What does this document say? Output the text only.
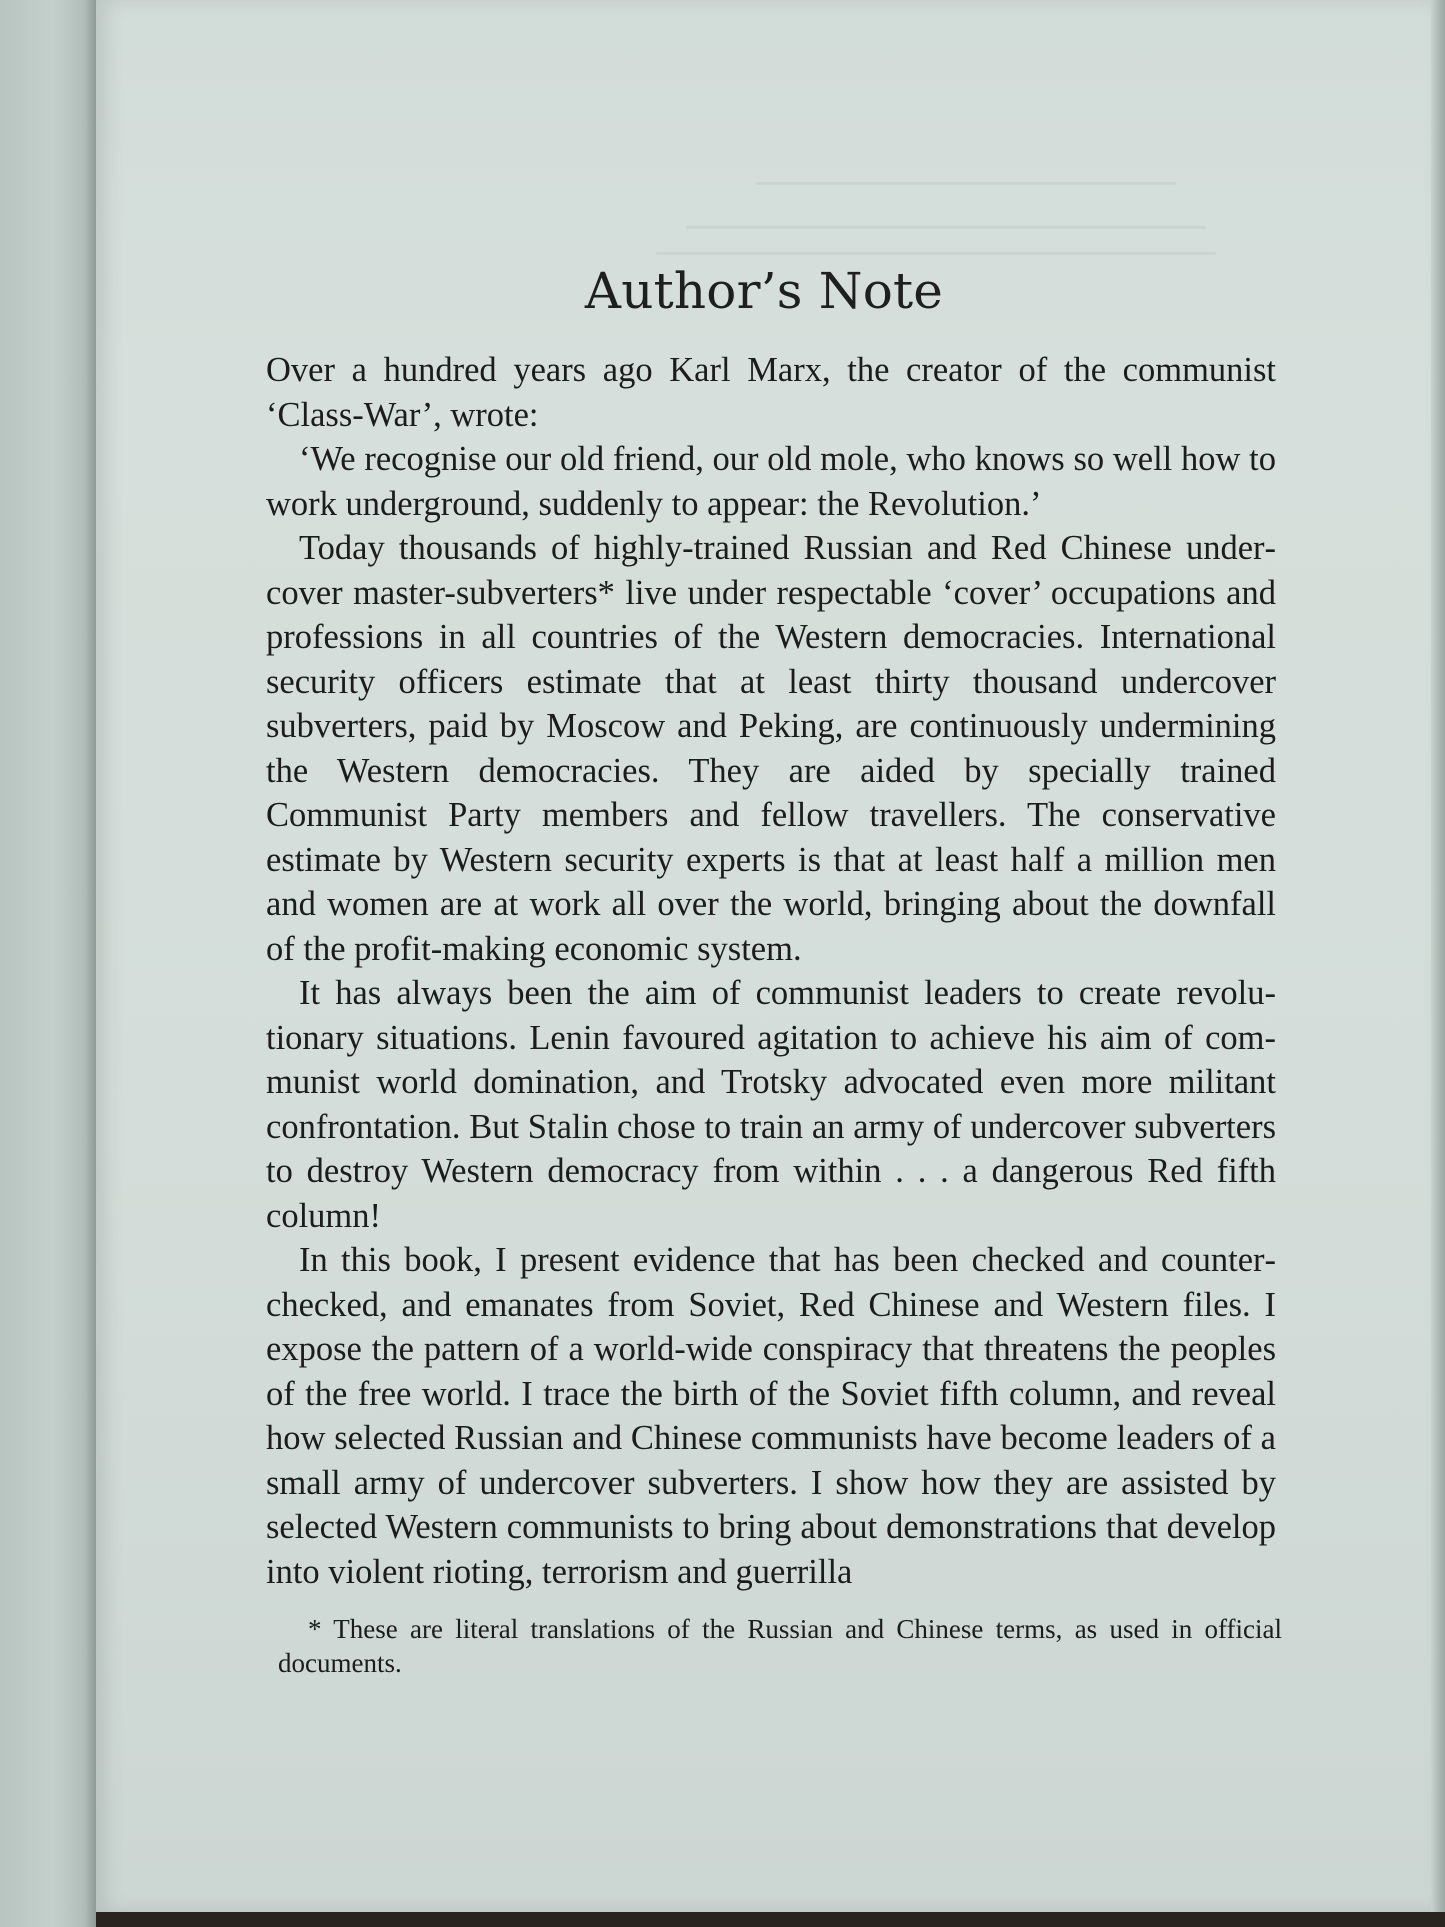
Author’s Note

Over a hundred years ago Karl Marx, the creator of the communist ‘Class-War’, wrote:

‘We recognise our old friend, our old mole, who knows so well how to work underground, suddenly to appear: the Revolution.’

Today thousands of highly-trained Russian and Red Chinese undercover master-subverters* live under respectable ‘cover’ occupations and professions in all countries of the Western democracies. International security officers estimate that at least thirty thousand undercover subverters, paid by Moscow and Peking, are continuously undermining the Western democracies. They are aided by specially trained Communist Party members and fellow travellers. The conservative estimate by Western security experts is that at least half a million men and women are at work all over the world, bringing about the downfall of the profit-making economic system.

It has always been the aim of communist leaders to create revolutionary situations. Lenin favoured agitation to achieve his aim of communist world domination, and Trotsky advocated even more militant confrontation. But Stalin chose to train an army of undercover subverters to destroy Western democracy from within . . . a dangerous Red fifth column!

In this book, I present evidence that has been checked and counterchecked, and emanates from Soviet, Red Chinese and Western files. I expose the pattern of a world-wide conspiracy that threatens the peoples of the free world. I trace the birth of the Soviet fifth column, and reveal how selected Russian and Chinese communists have become leaders of a small army of undercover subverters. I show how they are assisted by selected Western communists to bring about demonstrations that develop into violent rioting, terrorism and guerrilla

* These are literal translations of the Russian and Chinese terms, as used in official documents.
